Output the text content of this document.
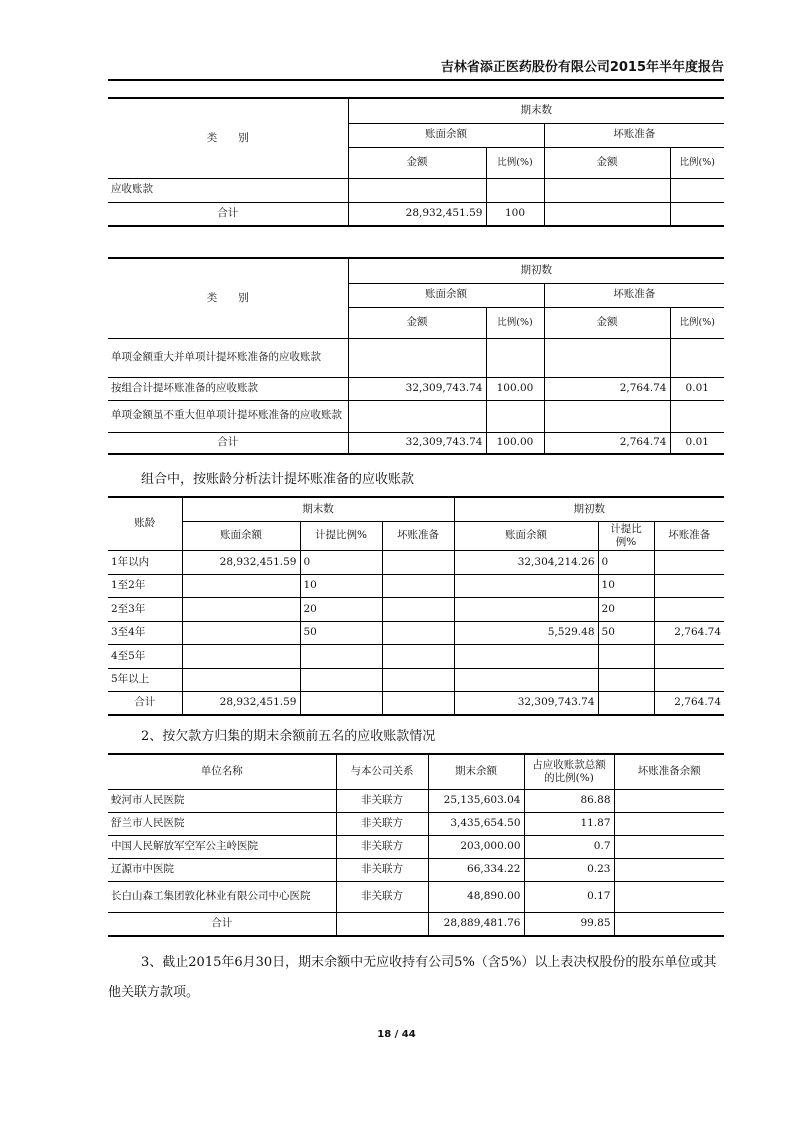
吉林省添正医药股份有限公司2015年半年度报告
类　　别	期末数			
	账面余额		坏账准备	
	金额	比例(%)	金额	比例(%)
应收账款				
合计	28,932,451.59	100		
类　　别	期初数			
	账面余额		坏账准备	
	金额	比例(%)	金额	比例(%)
单项金额重大并单项计提坏账准备的应收账款				
按组合计提坏账准备的应收账款	32,309,743.74	100.00	2,764.74	0.01
单项金额虽不重大但单项计提坏账准备的应收账款				
合计	32,309,743.74	100.00	2,764.74	0.01
组合中，按账龄分析法计提坏账准备的应收账款
账龄	期末数			期初数		
	账面余额	计提比例%	坏账准备	账面余额	计提比例%	坏账准备
1年以内	28,932,451.59	0		32,304,214.26	0	
1至2年		10			10	
2至3年		20			20	
3至4年		50		5,529.48	50	2,764.74
4至5年						
5年以上						
合计	28,932,451.59			32,309,743.74		2,764.74
2、按欠款方归集的期末余额前五名的应收账款情况
单位名称	与本公司关系	期末余额	占应收账款总额的比例(%)	坏账准备余额
蛟河市人民医院	非关联方	25,135,603.04	86.88	
舒兰市人民医院	非关联方	3,435,654.50	11.87	
中国人民解放军空军公主岭医院	非关联方	203,000.00	0.7	
辽源市中医院	非关联方	66,334.22	0.23	
长白山森工集团敦化林业有限公司中心医院	非关联方	48,890.00	0.17	
合计		28,889,481.76	99.85	
3、截止2015年6月30日，期末余额中无应收持有公司5%（含5%）以上表决权股份的股东单位或其他关联方款项。
18 / 44
